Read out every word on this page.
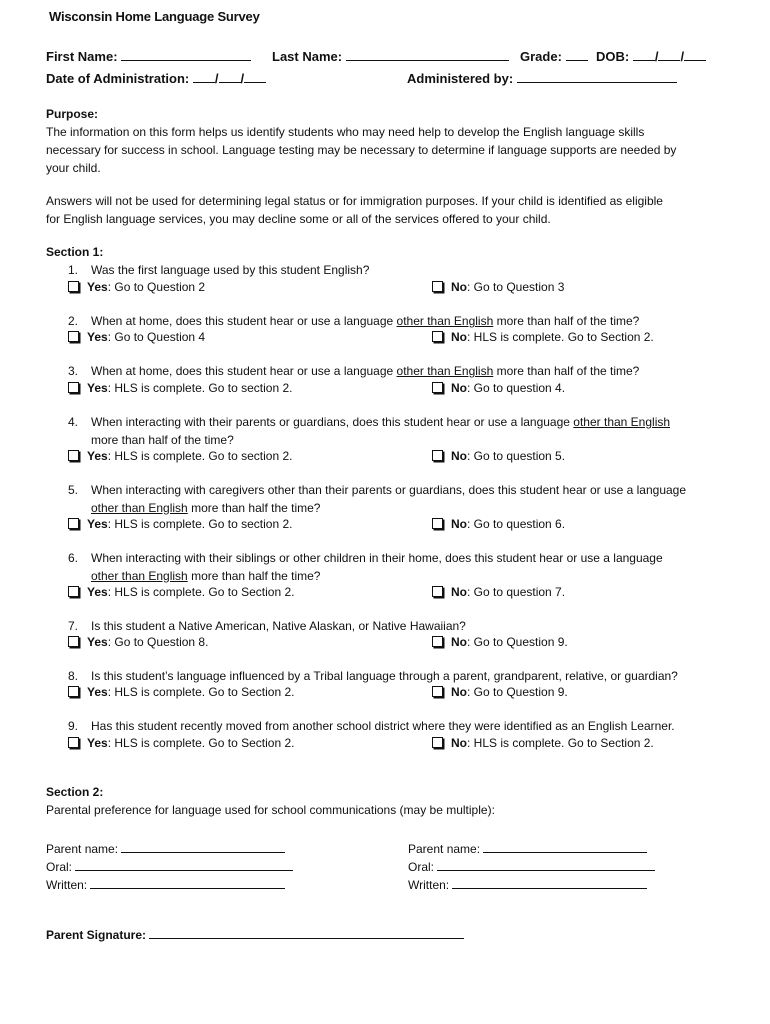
Wisconsin Home Language Survey
First Name:	Last Name:	Grade:	DOB: / /
Date of Administration: / /	Administered by:
Purpose:
The information on this form helps us identify students who may need help to develop the English language skills
necessary for success in school. Language testing may be necessary to determine if language supports are needed by
your child.
Answers will not be used for determining legal status or for immigration purposes. If your child is identified as eligible
for English language services, you may decline some or all of the services offered to your child.
Section 1:
1. Was the first language used by this student English?
Yes: Go to Question 2	No: Go to Question 3
2. When at home, does this student hear or use a language other than English more than half of the time?
Yes: Go to Question 4	No: HLS is complete. Go to Section 2.
3. When at home, does this student hear or use a language other than English more than half of the time?
Yes: HLS is complete. Go to section 2.	No: Go to question 4.
4. When interacting with their parents or guardians, does this student hear or use a language other than English
more than half of the time?
Yes: HLS is complete. Go to section 2.	No: Go to question 5.
5. When interacting with caregivers other than their parents or guardians, does this student hear or use a language
other than English more than half the time?
Yes: HLS is complete. Go to section 2.	No: Go to question 6.
6. When interacting with their siblings or other children in their home, does this student hear or use a language
other than English more than half the time?
Yes: HLS is complete. Go to Section 2.	No: Go to question 7.
7. Is this student a Native American, Native Alaskan, or Native Hawaiian?
Yes: Go to Question 8.	No: Go to Question 9.
8. Is this student’s language influenced by a Tribal language through a parent, grandparent, relative, or guardian?
Yes: HLS is complete. Go to Section 2.	No: Go to Question 9.
9. Has this student recently moved from another school district where they were identified as an English Learner.
Yes: HLS is complete. Go to Section 2.	No: HLS is complete. Go to Section 2.
Section 2:
Parental preference for language used for school communications (may be multiple):
Parent name:
Oral:
Written:
Parent name:
Oral:
Written:
Parent Signature:
